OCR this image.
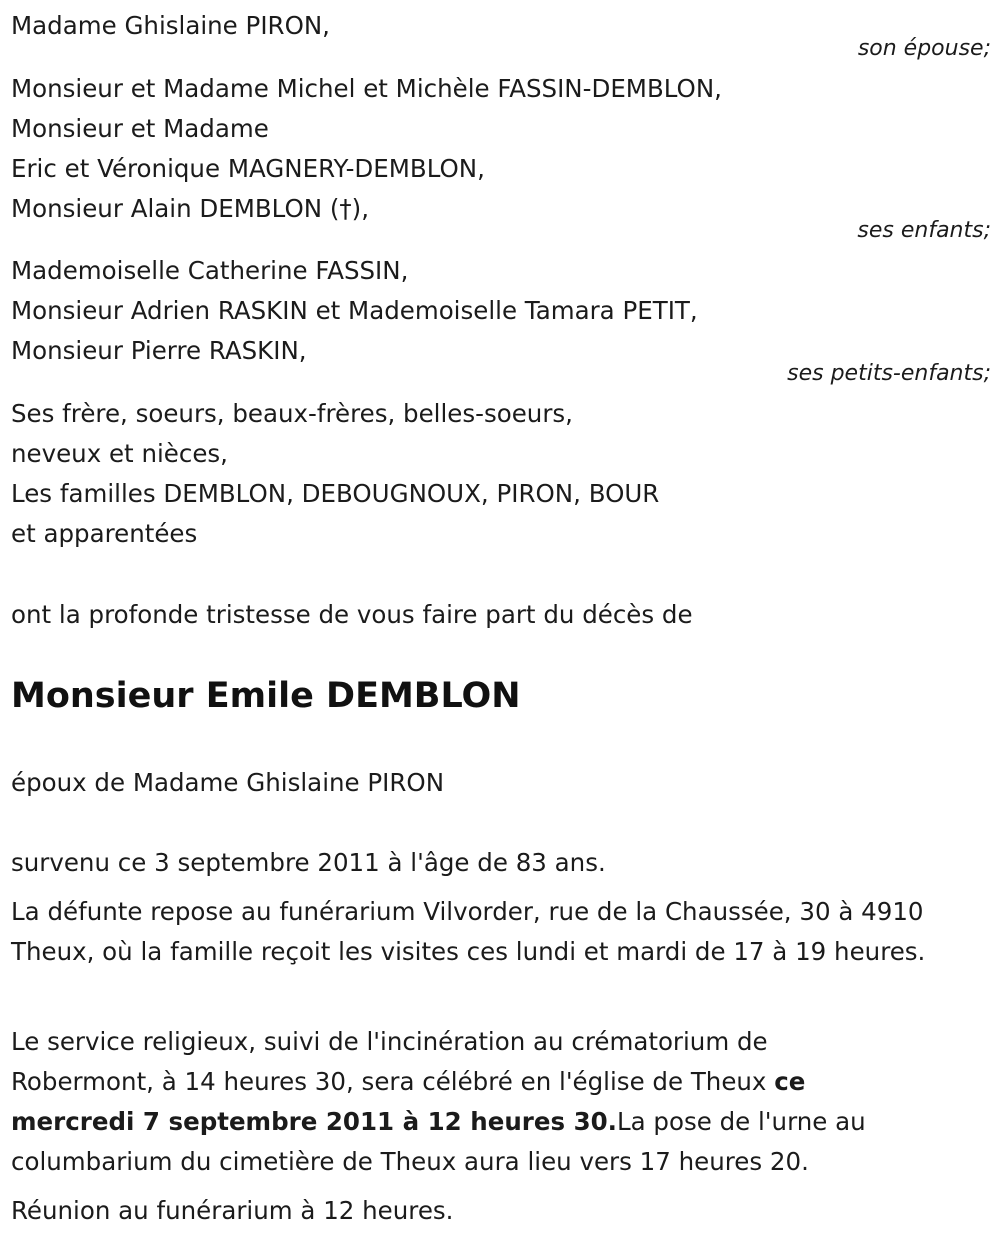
Madame Ghislaine PIRON,
son épouse;
Monsieur et Madame Michel et Michèle FASSIN-DEMBLON,
Monsieur et Madame
Eric et Véronique MAGNERY-DEMBLON,
Monsieur Alain DEMBLON (†),
ses enfants;
Mademoiselle Catherine FASSIN,
Monsieur Adrien RASKIN et Mademoiselle Tamara PETIT,
Monsieur Pierre RASKIN,
ses petits-enfants;
Ses frère, soeurs, beaux-frères, belles-soeurs,
neveux et nièces,
Les familles DEMBLON, DEBOUGNOUX, PIRON, BOUR
et apparentées
ont la profonde tristesse de vous faire part du décès de
Monsieur Emile DEMBLON
époux de Madame Ghislaine PIRON
survenu ce 3 septembre 2011 à l'âge de 83 ans.
La défunte repose au funérarium Vilvorder, rue de la Chaussée, 30 à 4910 Theux, où la famille reçoit les visites ces lundi et mardi de 17 à 19 heures.
Le service religieux, suivi de l'incinération au crématorium de Robermont, à 14 heures 30, sera célébré en l'église de Theux ce mercredi 7 septembre 2011 à 12 heures 30.La pose de l'urne au columbarium du cimetière de Theux aura lieu vers 17 heures 20.
Réunion au funérarium à 12 heures.
